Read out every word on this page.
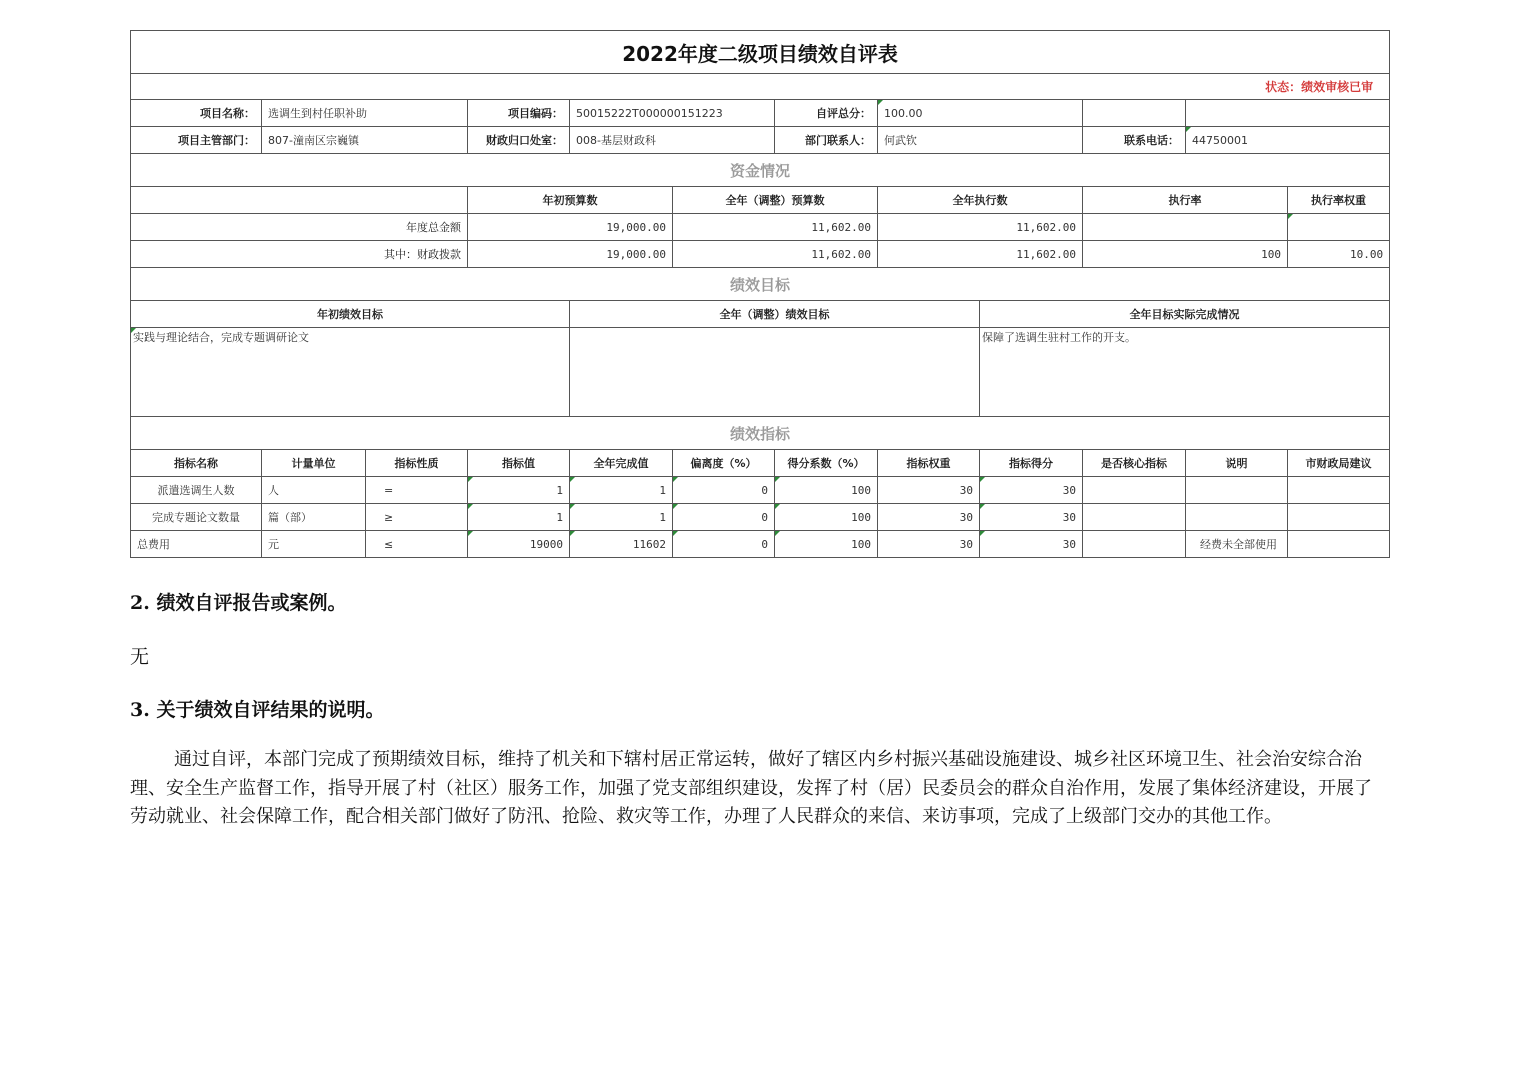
2022年度二级项目绩效自评表												
状态：绩效审核已审												
项目名称：	选调生到村任职补助		项目编码：	50015222T000000151223		自评总分：	100.00					
项目主管部门：	807-潼南区宗巍镇		财政归口处室：	008-基层财政科		部门联系人：	何武钦		联系电话：	44750001		
资金情况												
			年初预算数		全年（调整）预算数		全年执行数		执行率		执行率权重	
年度总金额			19,000.00		11,602.00		11,602.00					
其中：财政拨款			19,000.00		11,602.00		11,602.00		100		10.00	
绩效目标												
年初绩效目标				全年（调整）绩效目标				全年目标实际完成情况				
实践与理论结合，完成专题调研论文								保障了选调生驻村工作的开支。				
绩效指标												
指标名称	计量单位	指标性质	指标值	全年完成值	偏离度（%）	得分系数（%）	指标权重	指标得分	是否核心指标	说明	市财政局建议	
派遣选调生人数	人	=	1	1	0	100	30	30				
完成专题论文数量	篇（部）	≥	1	1	0	100	30	30				
总费用	元	≤	19000	11602	0	100	30	30		经费未全部使用		
2. 绩效自评报告或案例。
无
3. 关于绩效自评结果的说明。
通过自评，本部门完成了预期绩效目标，维持了机关和下辖村居正常运转，做好了辖区内乡村振兴基础设施建设、城乡社区环境卫生、社会治安综合治理、安全生产监督工作，指导开展了村（社区）服务工作，加强了党支部组织建设，发挥了村（居）民委员会的群众自治作用，发展了集体经济建设，开展了劳动就业、社会保障工作，配合相关部门做好了防汛、抢险、救灾等工作，办理了人民群众的来信、来访事项，完成了上级部门交办的其他工作。
